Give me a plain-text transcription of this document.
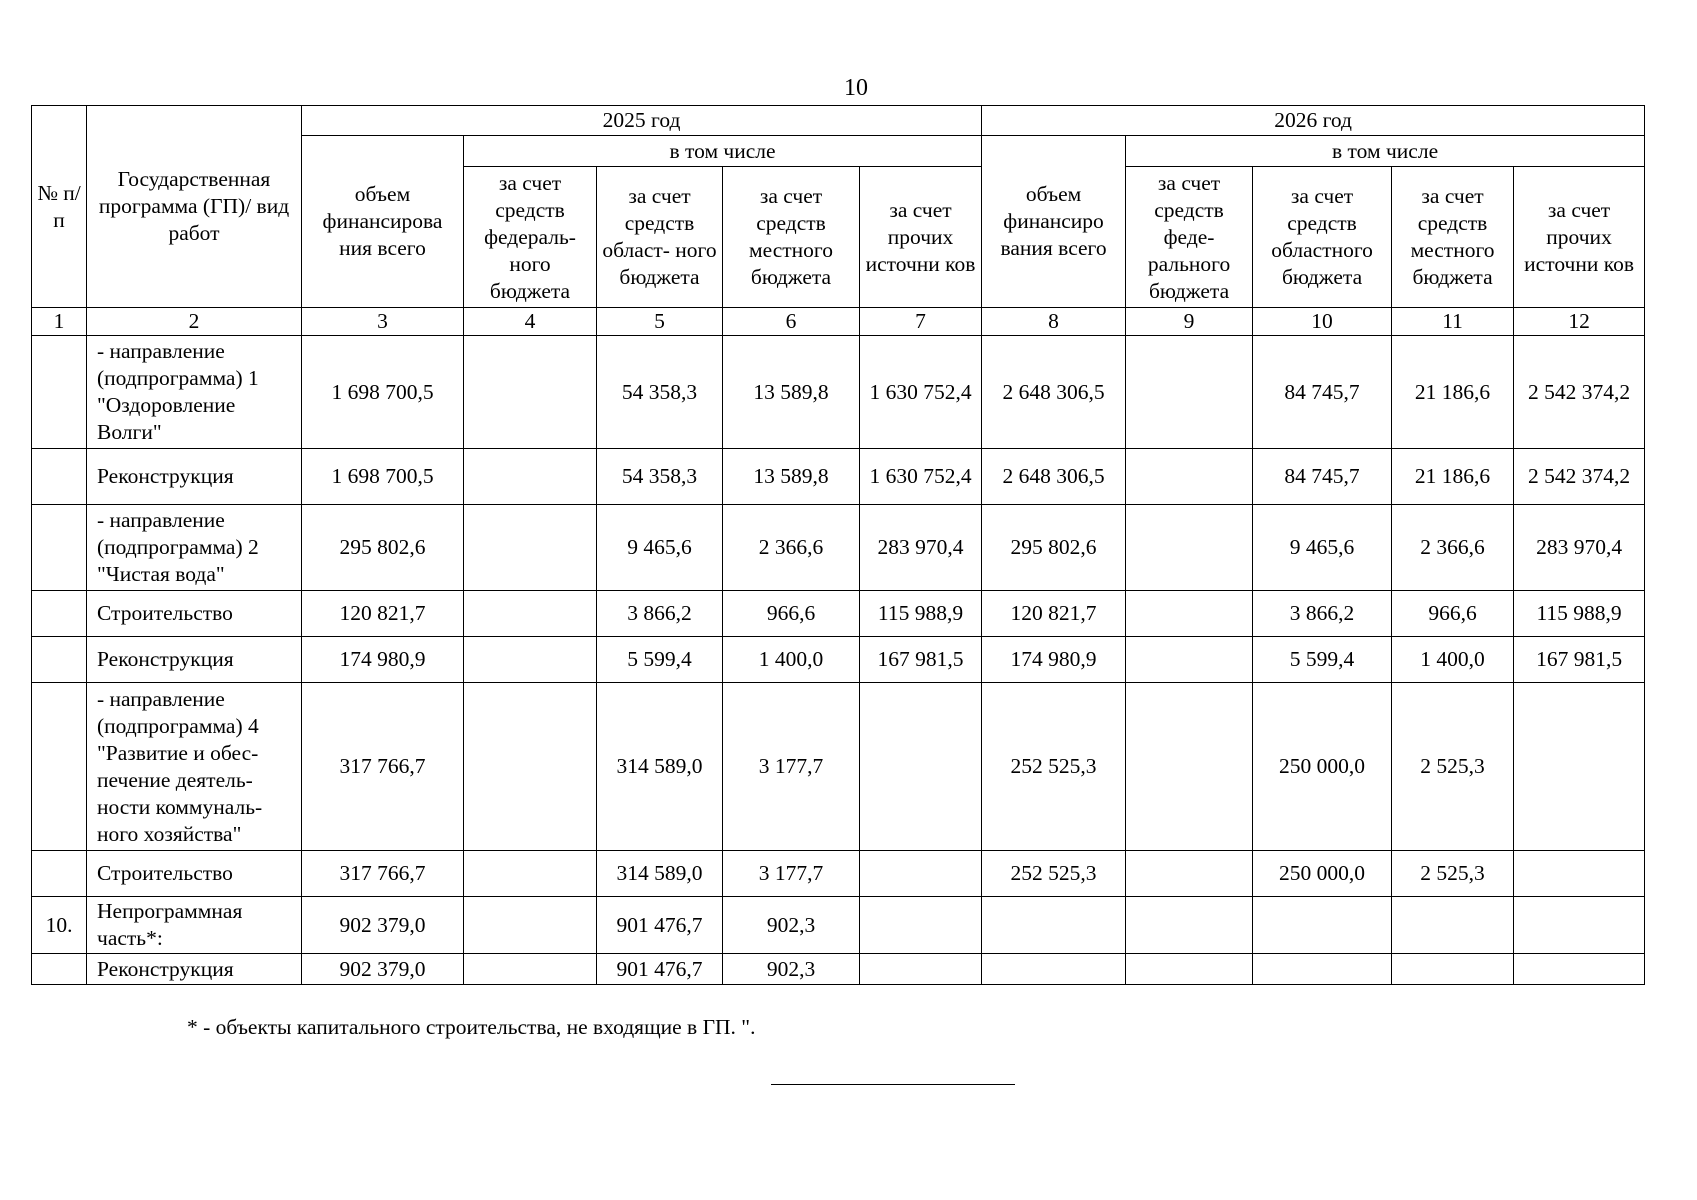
10
№ п/п	Государственная программа (ГП)/ вид работ	2025 год					2026 год				
		объем финансирова ния всего	в том числе				объем финансиро вания всего	в том числе			
			за счет средств федераль- ного бюджета	за счет средств област- ного бюджета	за счет средств местного бюджета	за счет прочих источни ков		за счет средств феде- рального бюджета	за счет средств областного бюджета	за счет средств местного бюджета	за счет прочих источни ков
1	2	3	4	5	6	7	8	9	10	11	12
	- направление (подпрограмма) 1 "Оздоровление Волги"	1 698 700,5		54 358,3	13 589,8	1 630 752,4	2 648 306,5		84 745,7	21 186,6	2 542 374,2
	Реконструкция	1 698 700,5		54 358,3	13 589,8	1 630 752,4	2 648 306,5		84 745,7	21 186,6	2 542 374,2
	- направление (подпрограмма) 2 "Чистая вода"	295 802,6		9 465,6	2 366,6	283 970,4	295 802,6		9 465,6	2 366,6	283 970,4
	Строительство	120 821,7		3 866,2	966,6	115 988,9	120 821,7		3 866,2	966,6	115 988,9
	Реконструкция	174 980,9		5 599,4	1 400,0	167 981,5	174 980,9		5 599,4	1 400,0	167 981,5
	- направление (подпрограмма) 4 "Развитие и обес- печение деятель- ности коммуналь- ного хозяйства"	317 766,7		314 589,0	3 177,7		252 525,3		250 000,0	2 525,3	
	Строительство	317 766,7		314 589,0	3 177,7		252 525,3		250 000,0	2 525,3	
10.	Непрограммная часть*:	902 379,0		901 476,7	902,3						
	Реконструкция	902 379,0		901 476,7	902,3						
* - объекты капитального строительства, не входящие в ГП. ".
